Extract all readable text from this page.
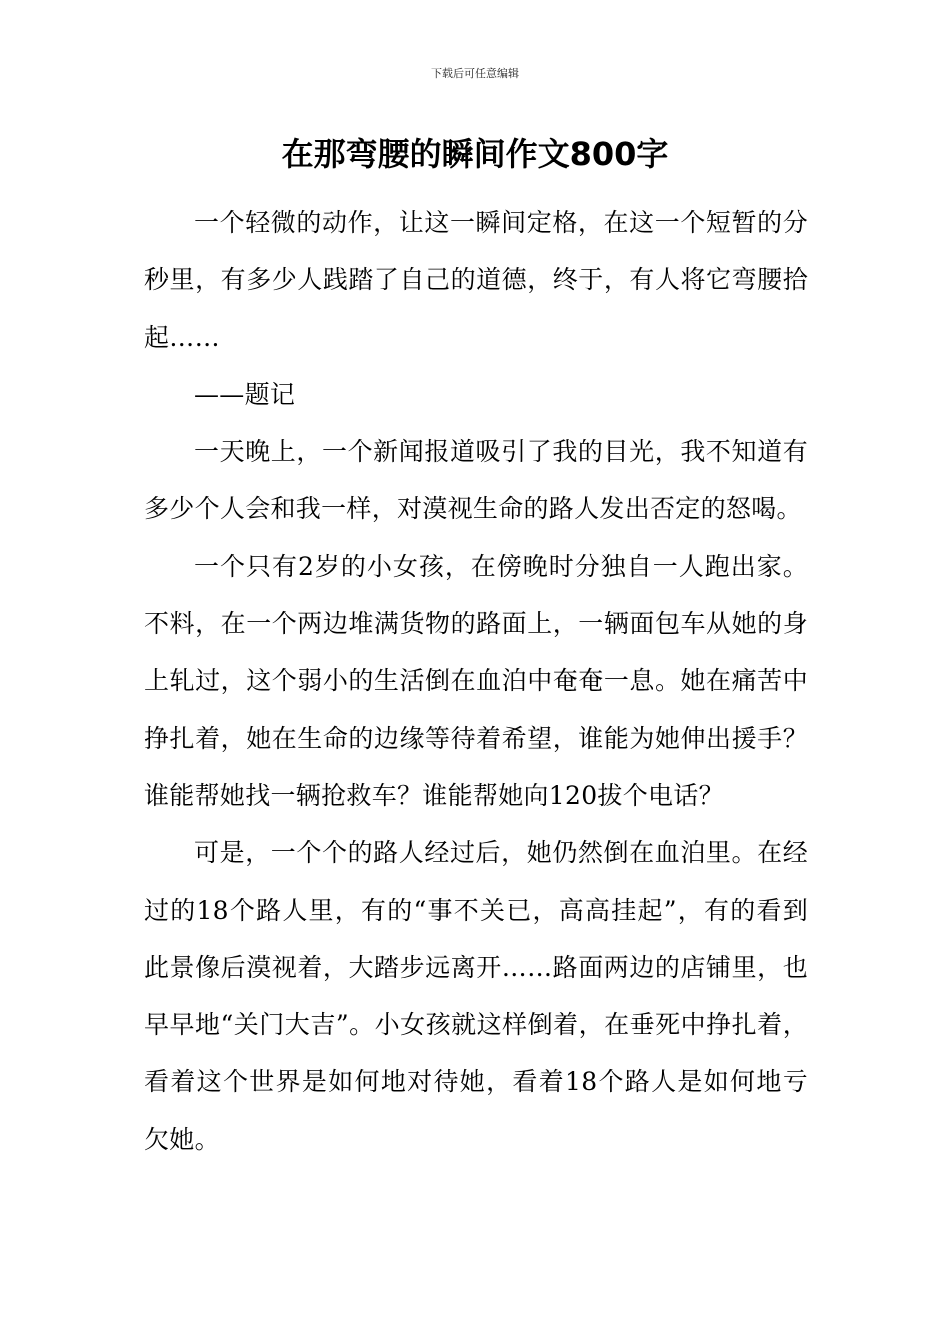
下载后可任意编辑
在那弯腰的瞬间作文800字

一个轻微的动作，让这一瞬间定格，在这一个短暂的分秒里，有多少人践踏了自己的道德，终于，有人将它弯腰拾起……

——题记

一天晚上，一个新闻报道吸引了我的目光，我不知道有多少个人会和我一样，对漠视生命的路人发出否定的怒喝。

一个只有2岁的小女孩，在傍晚时分独自一人跑出家。不料，在一个两边堆满货物的路面上，一辆面包车从她的身上轧过，这个弱小的生活倒在血泊中奄奄一息。她在痛苦中挣扎着，她在生命的边缘等待着希望，谁能为她伸出援手？谁能帮她找一辆抢救车？谁能帮她向120拔个电话？

可是，一个个的路人经过后，她仍然倒在血泊里。在经过的18个路人里，有的“事不关已，高高挂起”，有的看到此景像后漠视着，大踏步远离开……路面两边的店铺里，也早早地“关门大吉”。小女孩就这样倒着，在垂死中挣扎着，看着这个世界是如何地对待她，看着18个路人是如何地亏欠她。
